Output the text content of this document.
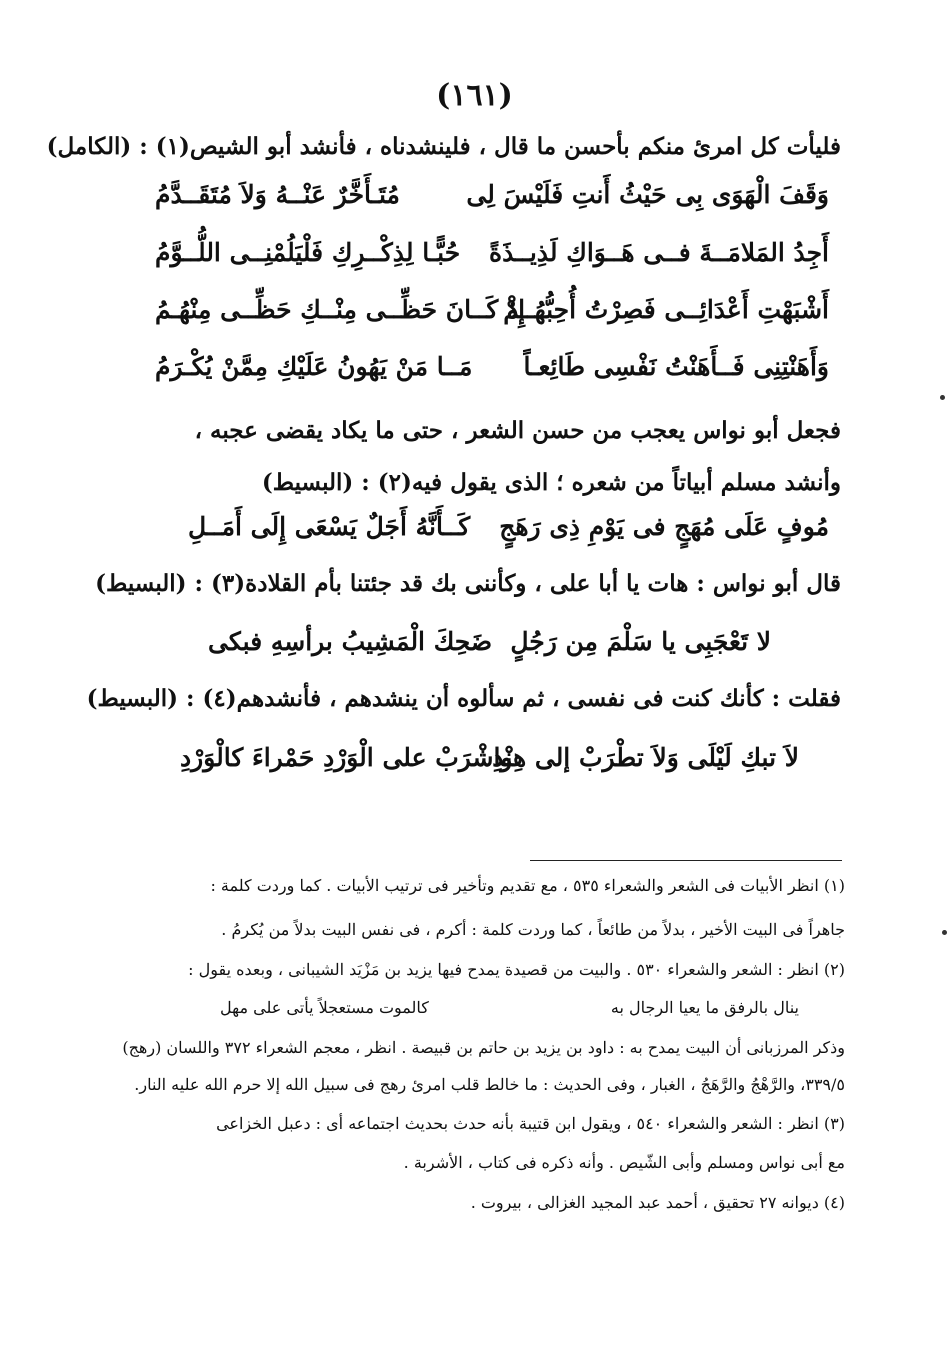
(١٦١)
فليأت كل امرئ منكم بأحسن ما قال ، فلينشدناه ، فأنشد أبو الشيص(١) : (الكامل)
وَقَفَ الْهَوَى بِى حَيْثُ أَنتِ فَلَيْسَ لِى
مُتَـأَخَّرٌ عَنْــهُ وَلاَ مُتَقَــدَّمُ
أَجِدُ المَلامَــةَ فــى هَــوَاكِ لَذِيــذَةً
حُبًّـا لِذِكْــرِكِ فَلْيَلُمْنِــى اللُّــوَّمُ
أَشْبَهْتِ أَعْدَائِــى فَصِرْتُ أُحِبُّهُــمْ
إِذْ كَــانَ حَظِّــى مِنْــكِ حَظِّــى مِنْهُـمُ
وَأَهَنْتِنِى فَــأَهَنْتُ نَفْسِى طَائِعـاً
مَــا مَنْ يَهُونُ عَلَيْكِ مِمَّنْ يُكْـرَمُ
فجعل أبو نواس يعجب من حسن الشعر ، حتى ما يكاد يقضى عجبه ، وأنشد مسلم أبياتاً من شعره ؛ الذى يقول فيه(٢) : (البسيط)
مُوفٍ عَلَى مُهَجٍ فى يَوْمِ ذِى رَهَجٍ
كَــأَنَّهُ أَجَلٌ يَسْعَى إِلَى أَمَــلِ
قال أبو نواس : هات يا أبا على ، وكأننى بك قد جئتنا بأم القلادة(٣) : (البسيط)
لا تَعْجَبِى يا سَلْمَ مِن رَجُلٍ
ضَحِكَ الْمَشِيبُ برأسِهِ فبكى
فقلت : كأنك كنت فى نفسى ، ثم سألوه أن ينشدهم ، فأنشدهم(٤) : (البسيط)
لاَ تبكِ لَيْلَى وَلاَ تطْرَبْ إلى هِنْدِ
واشْرَبْ على الْوَرْدِ حَمْراءَ كالْوَرْدِ
(١) انظر الأبيات فى الشعر والشعراء ٥٣٥ ، مع تقديم وتأخير فى ترتيب الأبيات . كما وردت كلمة :
جاهراً فى البيت الأخير ، بدلاً من طائعاً ، كما وردت كلمة : أكرم ، فى نفس البيت بدلاً من يُكرمُ .
(٢) انظر : الشعر والشعراء ٥٣٠ . والبيت من قصيدة يمدح فيها يزيد بن مَزْيَد الشيبانى ، وبعده يقول :
ينال بالرفق ما يعيا الرجال به
كالموت مستعجلاً يأتى على مهل
وذكر المرزبانى أن البيت يمدح به : داود بن يزيد بن حاتم بن قبيصة . انظر ، معجم الشعراء ٣٧٢ واللسان (رهج)
٣٣٩/٥، والرَّهْجُ والرَّهَجُ ، الغبار ، وفى الحديث : ما خالط قلب امرئ رهج فى سبيل الله إلا حرم الله عليه النار.
(٣) انظر : الشعر والشعراء ٥٤٠ ، ويقول ابن قتيبة بأنه حدث بحديث اجتماعه أى : دعبل الخزاعى
مع أبى نواس ومسلم وأبى الشّيص . وأنه ذكره فى كتاب ، الأشربة .
(٤) ديوانه ٢٧ تحقيق ، أحمد عبد المجيد الغزالى ، بيروت .
